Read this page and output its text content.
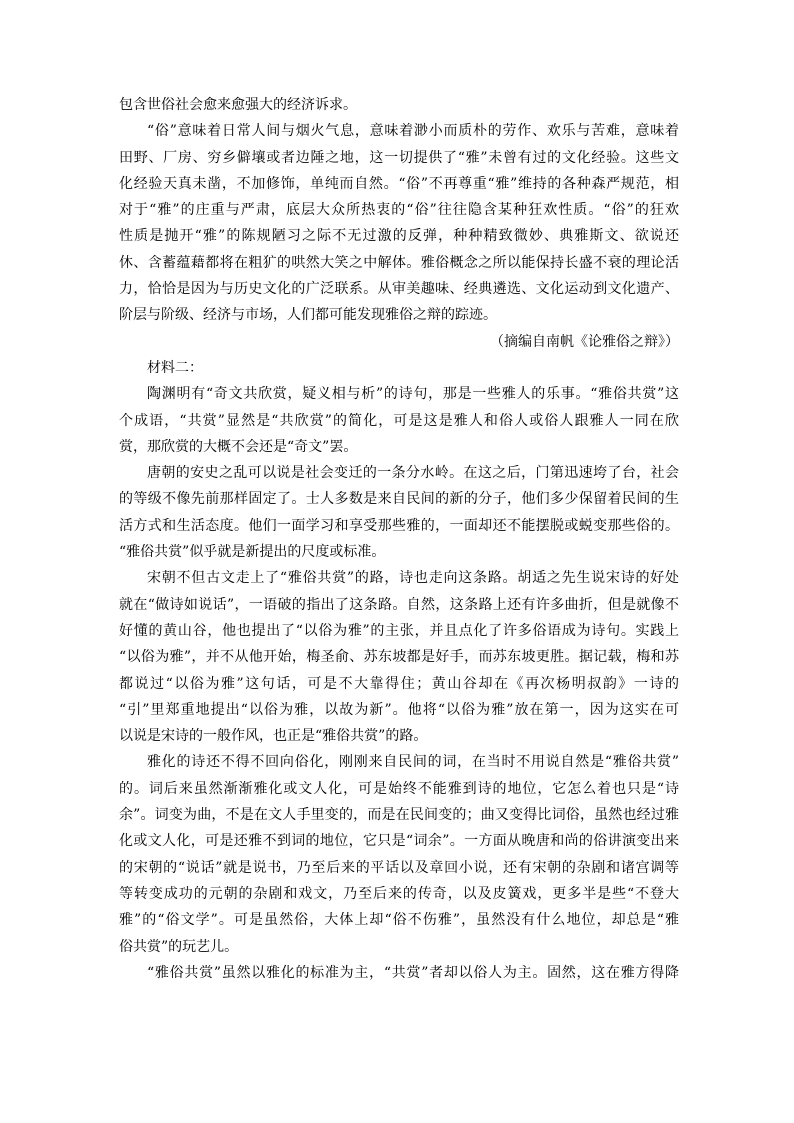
包含世俗社会愈来愈强大的经济诉求。
“俗”意味着日常人间与烟火气息，意味着渺小而质朴的劳作、欢乐与苦难，意味着
田野、厂房、穷乡僻壤或者边陲之地，这一切提供了“雅”未曾有过的文化经验。这些文
化经验天真未凿，不加修饰，单纯而自然。“俗”不再尊重“雅”维持的各种森严规范，相
对于“雅”的庄重与严肃，底层大众所热衷的“俗”往往隐含某种狂欢性质。“俗”的狂欢
性质是抛开“雅”的陈规陋习之际不无过激的反弹，种种精致微妙、典雅斯文、欲说还
休、含蓄蕴藉都将在粗犷的哄然大笑之中解体。雅俗概念之所以能保持长盛不衰的理论活
力，恰恰是因为与历史文化的广泛联系。从审美趣味、经典遴选、文化运动到文化遗产、
阶层与阶级、经济与市场，人们都可能发现雅俗之辩的踪迹。
（摘编自南帆《论雅俗之辩》）
材料二：
陶渊明有“奇文共欣赏，疑义相与析”的诗句，那是一些雅人的乐事。“雅俗共赏”这
个成语，“共赏”显然是“共欣赏”的简化，可是这是雅人和俗人或俗人跟雅人一同在欣
赏，那欣赏的大概不会还是“奇文”罢。
唐朝的安史之乱可以说是社会变迁的一条分水岭。在这之后，门第迅速垮了台，社会
的等级不像先前那样固定了。士人多数是来自民间的新的分子，他们多少保留着民间的生
活方式和生活态度。他们一面学习和享受那些雅的，一面却还不能摆脱或蜕变那些俗的。
“雅俗共赏”似乎就是新提出的尺度或标准。
宋朝不但古文走上了“雅俗共赏”的路，诗也走向这条路。胡适之先生说宋诗的好处
就在“做诗如说话”，一语破的指出了这条路。自然，这条路上还有许多曲折，但是就像不
好懂的黄山谷，他也提出了“以俗为雅”的主张，并且点化了许多俗语成为诗句。实践上
“以俗为雅”，并不从他开始，梅圣俞、苏东坡都是好手，而苏东坡更胜。据记载，梅和苏
都说过“以俗为雅”这句话，可是不大靠得住；黄山谷却在《再次杨明叔韵》一诗的
“引”里郑重地提出“以俗为雅，以故为新”。他将“以俗为雅”放在第一，因为这实在可
以说是宋诗的一般作风，也正是“雅俗共赏”的路。
雅化的诗还不得不回向俗化，刚刚来自民间的词，在当时不用说自然是“雅俗共赏”
的。词后来虽然渐渐雅化或文人化，可是始终不能雅到诗的地位，它怎么着也只是“诗
余”。词变为曲，不是在文人手里变的，而是在民间变的；曲又变得比词俗，虽然也经过雅
化或文人化，可是还雅不到词的地位，它只是“词余”。一方面从晚唐和尚的俗讲演变出来
的宋朝的“说话”就是说书，乃至后来的平话以及章回小说，还有宋朝的杂剧和诸宫调等
等转变成功的元朝的杂剧和戏文，乃至后来的传奇，以及皮簧戏，更多半是些“不登大
雅”的“俗文学”。可是虽然俗，大体上却“俗不伤雅”，虽然没有什么地位，却总是“雅
俗共赏”的玩艺儿。
“雅俗共赏”虽然以雅化的标准为主，“共赏”者却以俗人为主。固然，这在雅方得降
